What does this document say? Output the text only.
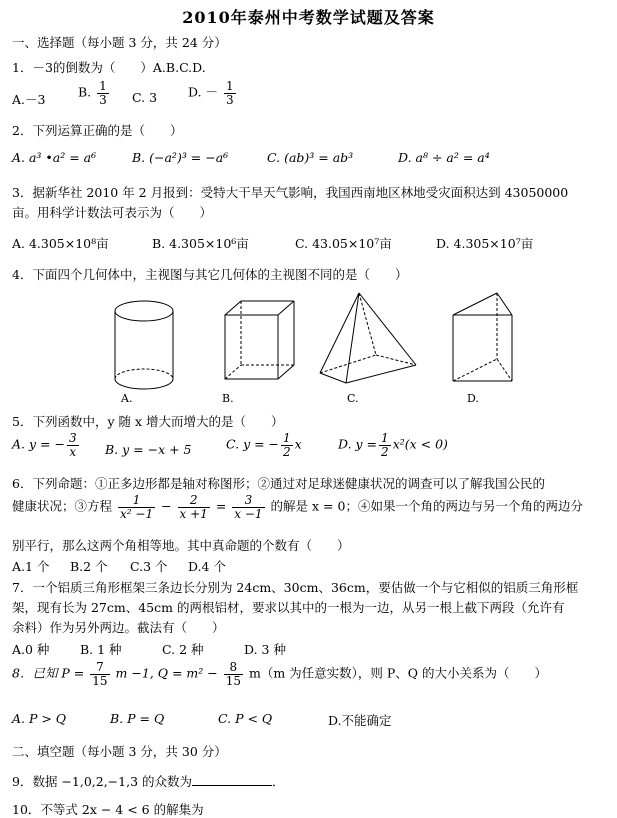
2010年泰州中考数学试题及答案
一、选择题（每小题 3 分，共 24 分）
1．－3的倒数为（　　）A.B.C.D.
A.－3	B. $\frac{1}{3} C$. 3 D. － $\frac{1}{3}$
2．下列运算正确的是（　　）
A. a³ •a² = a⁶	B. (−a²)³ = −a⁶	C. (ab)³ = ab³	D. a⁸ ÷ a² = a⁴
3．据新华社 2010 年 2 月报到：受特大干旱天气影响，我国西南地区林地受灾面积达到 43050000
亩。用科学计数法可表示为（　　）
A. 4.305×10⁸亩	B. 4.305×10⁶亩	C. 43.05×10⁷亩	D. 4.305×10⁷亩
4．下面四个几何体中，主视图与其它几何体的主视图不同的是（　　）
A.	B.	C.	D.
5．下列函数中，y 随 x 增大而增大的是（　　）
A. y = − $\frac{3}{x} B$. y = −x + 5	C. y = − $\frac{1}{2}$ x	D. $y = \frac{1}{2} x^2(x < 0)$
6．下列命题：①正多边形都是轴对称图形；②通过对足球迷健康状况的调查可以了解我国公民的
健康状况；③方程 $\frac{1}{\text{x² −1}} - \frac{2}{x +1} = \frac{3}{x -1}$ 的解是 x = 0；④如果一个角的两边与另一个角的两边分
别平行，那么这两个角相等地。其中真命题的个数有（　　）
A.1 个 B.2 个 C.3 个 D.4 个
7．一个铝质三角形框架三条边长分别为 24cm、30cm、36cm，要估做一个与它相似的铝质三角形框
架，现有长为 27cm、45cm 的两根铝材，要求以其中的一根为一边，从另一根上截下两段（允许有
余料）作为另外两边。截法有（　　）
A.0 种 B. 1 种	C. 2 种	D. 3 种
8．已知 $P = \frac{7}{15}$ m −1, $Q = m^2 - \frac{8}{15} m(m$ 为任意实数），则 P、Q 的大小关系为（　　）
A. P > Q	B. P = Q	C. P < Q	D.不能确定
二、填空题（每小题 3 分，共 30 分）
9．数据 −1,0,2,−1,3 的众数为	．
10．不等式 2x − 4 < 6 的解集为
